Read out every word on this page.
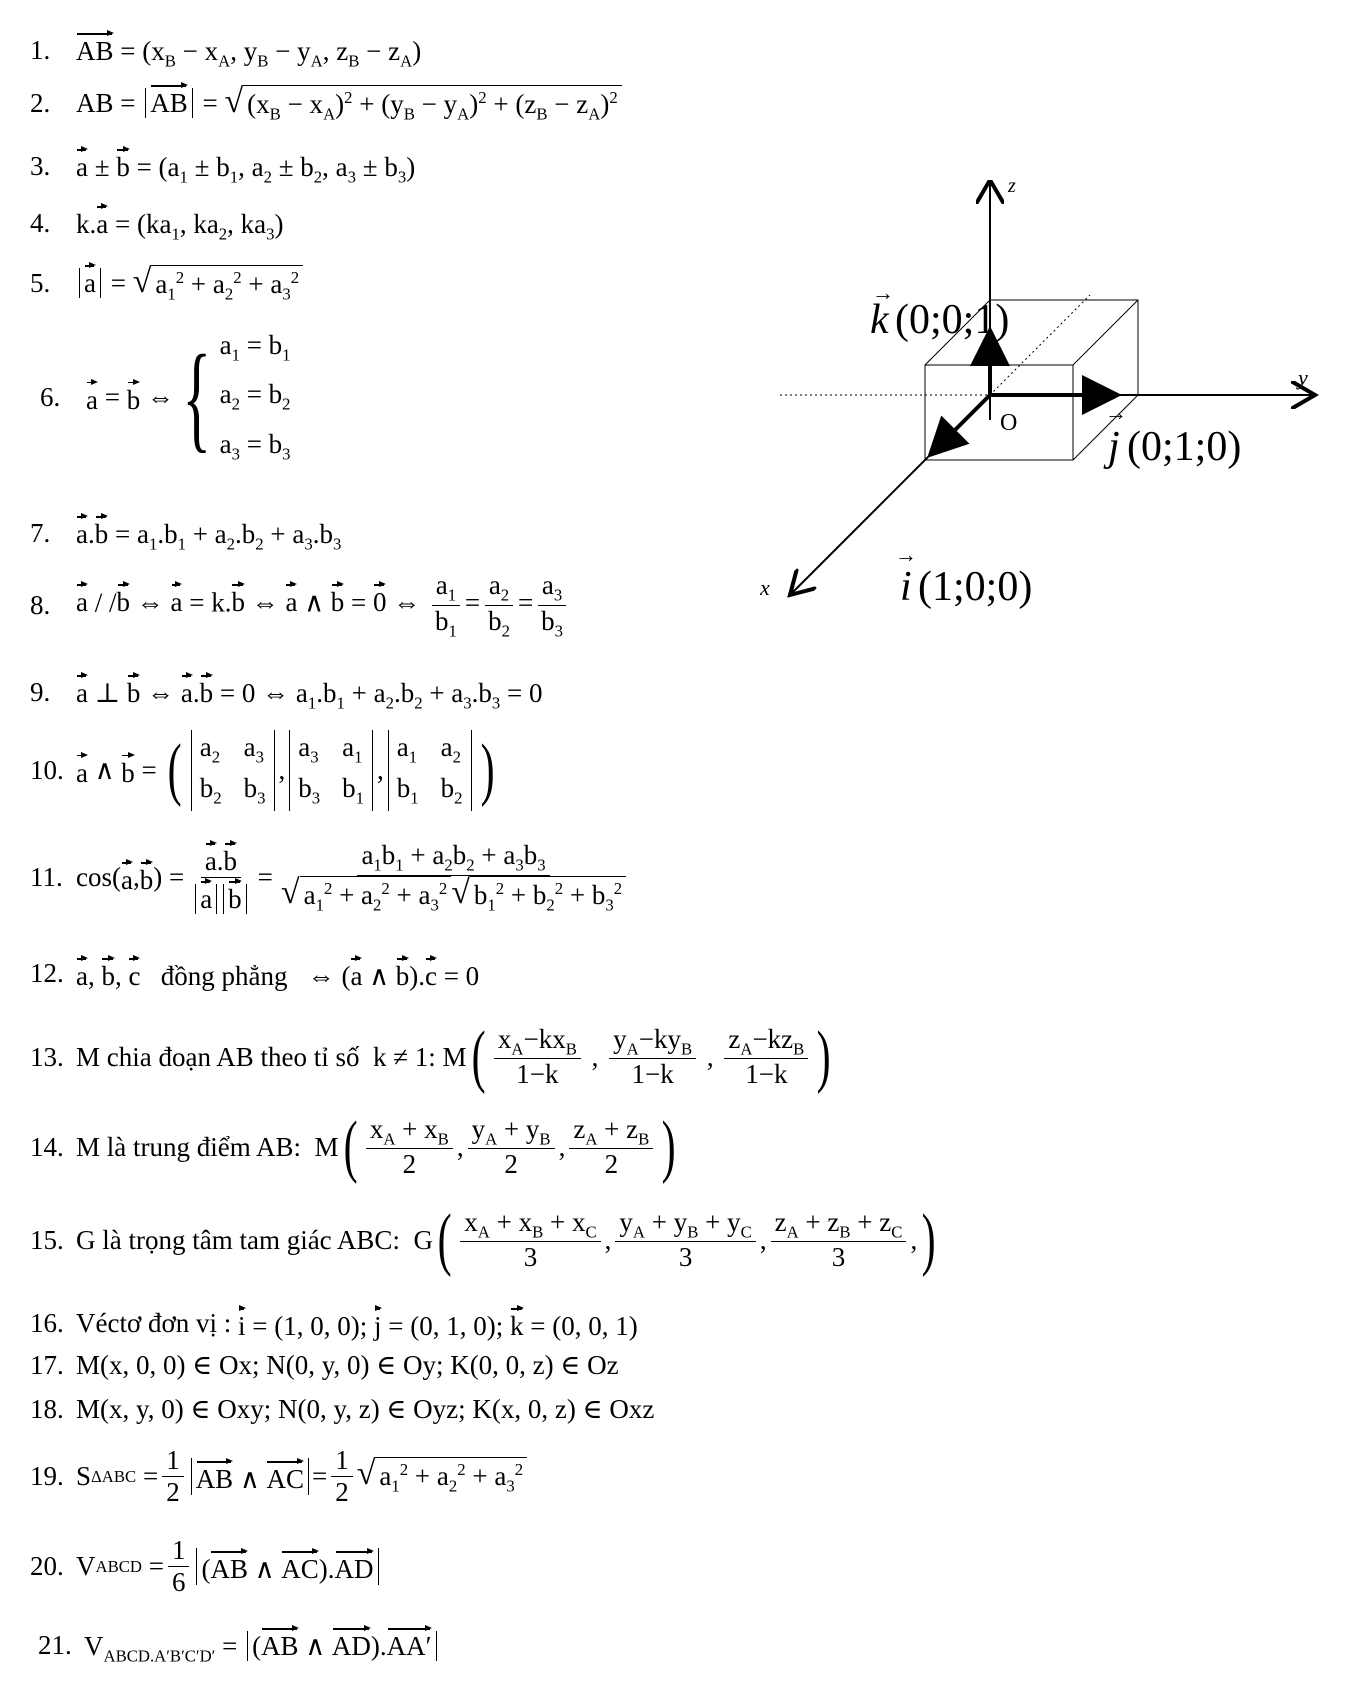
1. AB = ($x_B - x_A$, $y_B - y_A$, $z_B - z_A$)
2. AB = AB = √ $(x_B - x_A)^2 + (y_B - y_A)^2 + (z_B - z_A)^2$
3. $a \pm b = (a_1 \pm b_1$, $a_2 \pm b_2$, $a_3 \pm b_3$)
4. $k.a = (ka_1$, $ka_2$, $ka_3$)
5.	a = √ $a_1^2 + a_2^2 + a_3^2$
6. a = b ⇔ { $a_1 = b_1$
$a_2 = b_2$
$a_3 = b_3$
7. $a.b = a_1.b_1 + a_2.b_2 + a_3.b_3$
8. a / /b ⇔ a = k.b ⇔ a ∧ b = 0 ⇔ $\frac{a_1}{b_1} = \frac{a_2}{b_2} = \frac{a_3}{b_3}$
9. a ⊥ b ⇔ a.b = 0 ⇔ $a_1.b_1 + a_2.b_2 + a_3.b_3 = 0$
10. a ∧ b = ( $a_2$ $a_3$
$b_2$ $b_3$
,
$a_3$ $a_1$
$b_3$ $b_1$
,
$a_1$ $a_2$
$b_1$ $b_2$ )
11. cos( a , b ) = $\frac{a.b}{\text{a b}} = \frac{a_1b_1 + a_2b_2 + a_3b_3}{√ a_1^2 + a_2^2 + a_3^2 √ b_1^2 + b_2^2 + b_3^2}$
12. a, b, c đồng phẳng   ⇔ (a ∧ b).c = 0
13. M chia đoạn AB theo tỉ số k ≠ 1: M ( $\frac{x_A-kx_B}{1-k}$ , $\frac{y_A-ky_B}{1-k}$ , $\frac{z_A-kz_B}{1-k}$ )
14. M là trung điểm AB: M ( $\frac{x_A + x_B}{2}$ , $\frac{y_A + y_B}{2}$ , $\frac{z_A + z_B}{2}$ )
15. G là trọng tâm tam giác ABC: G ( $\frac{x_A + x_B + x_C}{3}$ , $\frac{y_A + y_B + y_C}{3}$ , $\frac{z_A + z_B + z_C}{3}$ , )
16. Véctơ đơn vị : i = (1, 0, 0); j = (0, 1, 0); k = (0, 0, 1)
17. M(x, 0, 0) ∈ Ox; N(0, y, 0) ∈ Oy; K(0, 0, z) ∈ Oz
18. M(x, y, 0) ∈ Oxy; N(0, y, z) ∈ Oyz; K(x, 0, z) ∈ Oxz
19. S $\Delta ABC = \frac{1}{2}$ AB ∧ AC = $\frac{1}{2}$ √ $a_1^2 + a_2^2 + a_3^2$
20. V ABCD = $\frac{1}{6} (AB$ ∧ AC).AD
21. $V_{ABCD.A'B'C'D'} = (AB$ ∧ AD).AA′
z
y
x
O
k
→
(0;0;1)
j
→
(0;1;0)
i
→
(1;0;0)
